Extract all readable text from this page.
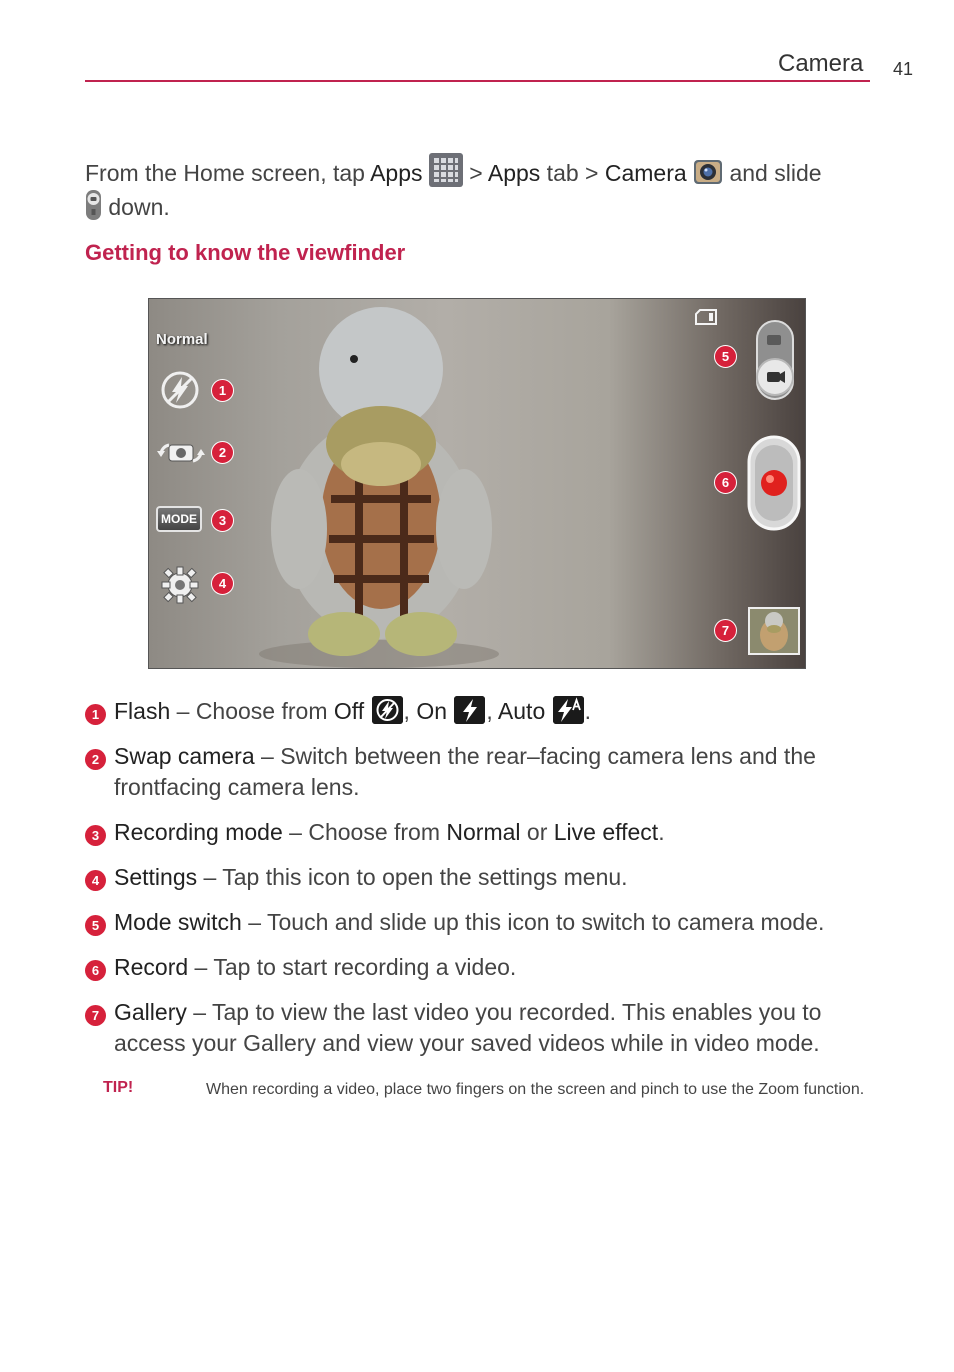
Camera 41
From the Home screen, tap Apps  > Apps tab > Camera  and slide
down.
Getting to know the viewfinder
Normal
1
2
MODE	3
4
5
6
7
1 Flash – Choose from Off , On , Auto .
2 Swap camera – Switch between the rear–facing camera lens and the frontfacing camera lens.
3 Recording mode – Choose from Normal or Live effect.
4 Settings – Tap this icon to open the settings menu.
5 Mode switch – Touch and slide up this icon to switch to camera mode.
6 Record – Tap to start recording a video.
7 Gallery – Tap to view the last video you recorded. This enables you to access your Gallery and view your saved videos while in video mode.
TIP!	When recording a video, place two fingers on the screen and pinch to use the Zoom function.
